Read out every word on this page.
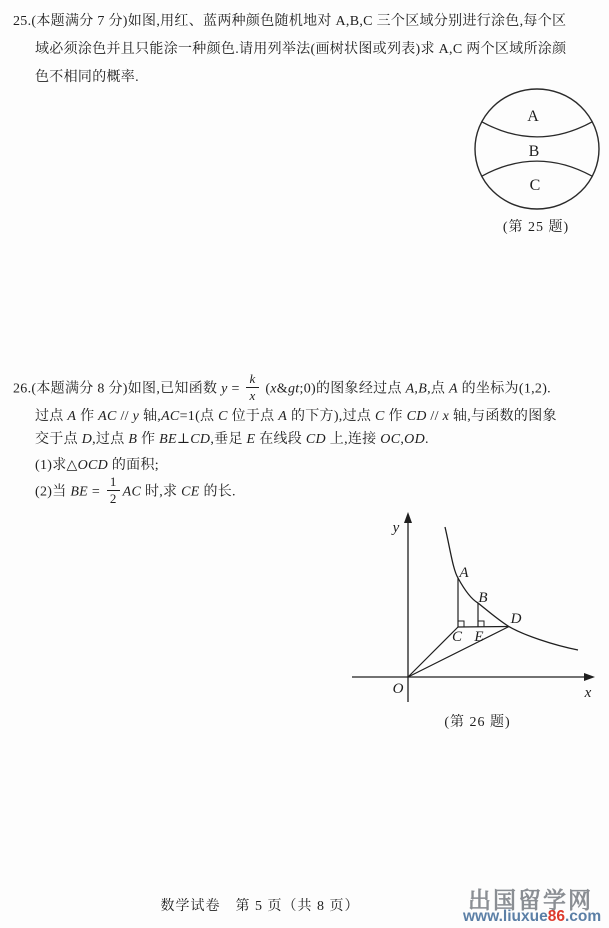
25.(本题满分 7 分)如图,用红、蓝两种颜色随机地对 A,B,C 三个区域分别进行涂色,每个区
域必须涂色并且只能涂一种颜色.请用列举法(画树状图或列表)求 A,C 两个区域所涂颜
色不相同的概率.
A
B
C
(第 25 题)
26.(本题满分 8 分)如图,已知函数 $y = \frac{k}{x}$ (x&gt;0)的图象经过点 A,B,点 A 的坐标为(1,2).
过点 A 作 AC // y 轴,AC=1(点 C 位于点 A 的下方),过点 C 作 CD // x 轴,与函数的图象
交于点 D,过点 B 作 BE⊥CD,垂足 E 在线段 CD 上,连接 OC,OD.
(1)求△OCD 的面积;
(2)当 BE = $\frac{1}{2}$ AC 时,求 CE 的长.
y
x
O
A
B
C E
D
(第 26 题)
数学试卷　第 5 页（共 8 页）	出国留学网
www.liuxue86.com
